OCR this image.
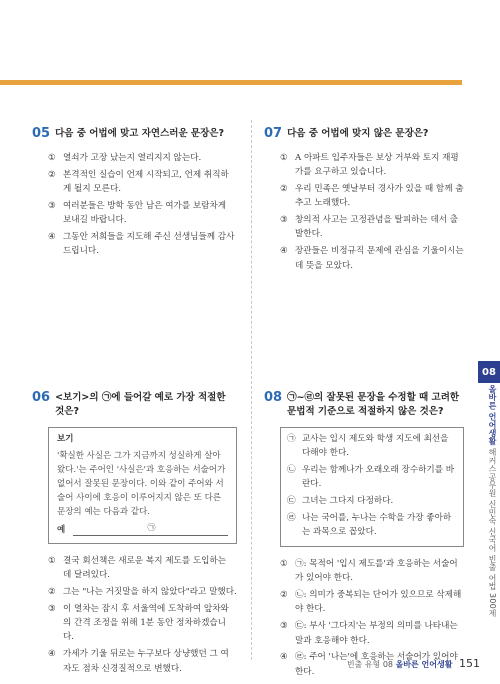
08
올바른 언어생활 해커스공무원 신민숙 신국어 빈출 어법 300제
05 다음 중 어법에 맞고 자연스러운 문장은?
① 열쇠가 고장 났는지 열리지지 않는다.
② 본격적인 실습이 언제 시작되고, 언제 취직하게 될지 모른다.
③ 여러분들은 방학 동안 남은 여가를 보람차게 보내길 바랍니다.
④ 그동안 저희들을 지도해 주신 선생님들께 감사드립니다.
07 다음 중 어법에 맞지 않은 문장은?
① A 아파트 입주자들은 보상 거부와 토지 재평가를 요구하고 있습니다.
② 우리 민족은 옛날부터 경사가 있을 때 함께 춤추고 노래했다.
③ 창의적 사고는 고정관념을 탈피하는 데서 출발한다.
④ 장관들은 비정규직 문제에 관심을 기울이시는 데 뜻을 모았다.
06 <보기>의 ㉠에 들어갈 예로 가장 적절한 것은?
보기
'확실한 사실은 그가 지금까지 성실하게 살아왔다.'는 주어인 '사실은'과 호응하는 서술어가 없어서 잘못된 문장이다. 이와 같이 주어와 서술어 사이에 호응이 이루어지지 않은 또 다른 문장의 예는 다음과 같다.
예	㉠
① 결국 회선책은 새로운 복지 제도를 도입하는 데 달려있다.
② 그는 "나는 거짓말을 하지 않았다"라고 말했다.
③ 이 열차는 잠시 후 서울역에 도착하여 앞차와의 간격 조정을 위해 1분 동안 정차하겠습니다.
④ 가세가 기울 뒤로는 누구보다 상냥했던 그 여자도 점차 신경질적으로 변했다.
08 ㉠~㉣의 잘못된 문장을 수정할 때 고려한 문법적 기준으로 적절하지 않은 것은?
㉠ 교사는 입시 제도와 학생 지도에 최선을 다해야 한다.
㉡ 우리는 함께나가 오래오래 장수하기를 바란다.
㉢ 그녀는 그다지 다정하다.
㉣ 나는 국어를, 누나는 수학을 가장 좋아하는 과목으로 꼽았다.
① ㉠: 목적어 '입시 제도를'과 호응하는 서술어가 있어야 한다.
② ㉡: 의미가 중복되는 단어가 있으므로 삭제해야 한다.
③ ㉢: 부사 '그다지'는 부정의 의미를 나타내는 말과 호응해야 한다.
④ ㉣: 주어 '나는'에 호응하는 서술어가 있어야 한다.
빈출 유형 08 올바른 언어생활 151
